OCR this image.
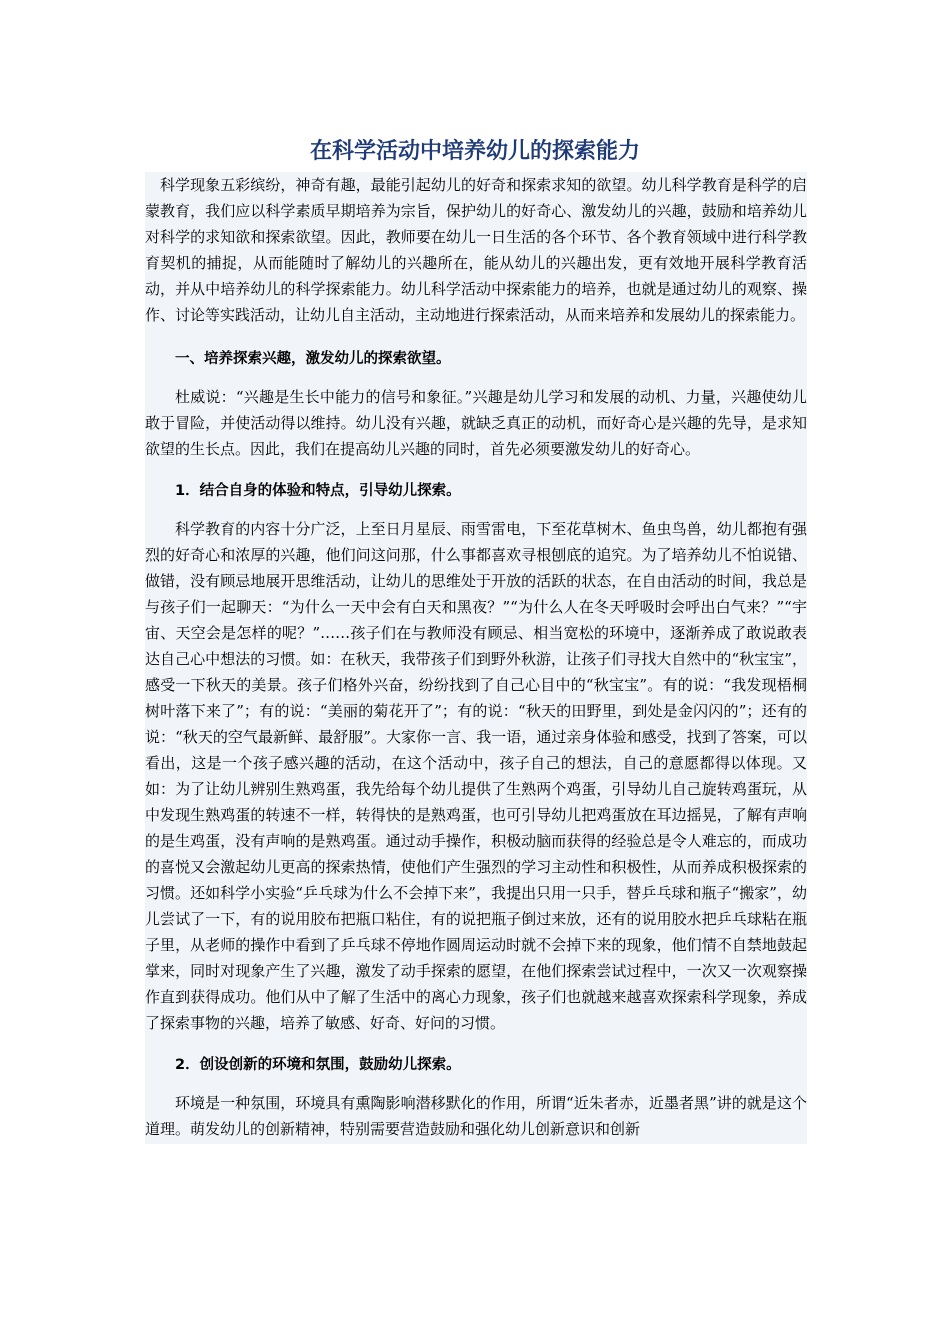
在科学活动中培养幼儿的探索能力

科学现象五彩缤纷，神奇有趣，最能引起幼儿的好奇和探索求知的欲望。幼儿科学教育是科学的启蒙教育，我们应以科学素质早期培养为宗旨，保护幼儿的好奇心、激发幼儿的兴趣，鼓励和培养幼儿对科学的求知欲和探索欲望。因此，教师要在幼儿一日生活的各个环节、各个教育领域中进行科学教育契机的捕捉，从而能随时了解幼儿的兴趣所在，能从幼儿的兴趣出发，更有效地开展科学教育活动，并从中培养幼儿的科学探索能力。幼儿科学活动中探索能力的培养，也就是通过幼儿的观察、操作、讨论等实践活动，让幼儿自主活动，主动地进行探索活动，从而来培养和发展幼儿的探索能力。

一、培养探索兴趣，激发幼儿的探索欲望。

杜威说：“兴趣是生长中能力的信号和象征。”兴趣是幼儿学习和发展的动机、力量，兴趣使幼儿敢于冒险，并使活动得以维持。幼儿没有兴趣，就缺乏真正的动机，而好奇心是兴趣的先导，是求知欲望的生长点。因此，我们在提高幼儿兴趣的同时，首先必须要激发幼儿的好奇心。

1．结合自身的体验和特点，引导幼儿探索。

科学教育的内容十分广泛，上至日月星辰、雨雪雷电，下至花草树木、鱼虫鸟兽，幼儿都抱有强烈的好奇心和浓厚的兴趣，他们问这问那，什么事都喜欢寻根刨底的追究。为了培养幼儿不怕说错、做错，没有顾忌地展开思维活动，让幼儿的思维处于开放的活跃的状态，在自由活动的时间，我总是与孩子们一起聊天：“为什么一天中会有白天和黑夜？”“为什么人在冬天呼吸时会呼出白气来？”“宇宙、天空会是怎样的呢？”……孩子们在与教师没有顾忌、相当宽松的环境中，逐渐养成了敢说敢表达自己心中想法的习惯。如：在秋天，我带孩子们到野外秋游，让孩子们寻找大自然中的“秋宝宝”，感受一下秋天的美景。孩子们格外兴奋，纷纷找到了自己心目中的“秋宝宝”。有的说：“我发现梧桐树叶落下来了”；有的说：“美丽的菊花开了”；有的说：“秋天的田野里，到处是金闪闪的”；还有的说：“秋天的空气最新鲜、最舒服”。大家你一言、我一语，通过亲身体验和感受，找到了答案，可以看出，这是一个孩子感兴趣的活动，在这个活动中，孩子自己的想法，自己的意愿都得以体现。又如：为了让幼儿辨别生熟鸡蛋，我先给每个幼儿提供了生熟两个鸡蛋，引导幼儿自己旋转鸡蛋玩，从中发现生熟鸡蛋的转速不一样，转得快的是熟鸡蛋，也可引导幼儿把鸡蛋放在耳边摇晃，了解有声响的是生鸡蛋，没有声响的是熟鸡蛋。通过动手操作，积极动脑而获得的经验总是令人难忘的，而成功的喜悦又会激起幼儿更高的探索热情，使他们产生强烈的学习主动性和积极性，从而养成积极探索的习惯。还如科学小实验“乒乓球为什么不会掉下来”，我提出只用一只手，替乒乓球和瓶子“搬家”，幼儿尝试了一下，有的说用胶布把瓶口粘住，有的说把瓶子倒过来放，还有的说用胶水把乒乓球粘在瓶子里，从老师的操作中看到了乒乓球不停地作圆周运动时就不会掉下来的现象，他们情不自禁地鼓起掌来，同时对现象产生了兴趣，激发了动手探索的愿望，在他们探索尝试过程中，一次又一次观察操作直到获得成功。他们从中了解了生活中的离心力现象，孩子们也就越来越喜欢探索科学现象，养成了探索事物的兴趣，培养了敏感、好奇、好问的习惯。

2．创设创新的环境和氛围，鼓励幼儿探索。

环境是一种氛围，环境具有熏陶影响潜移默化的作用，所谓“近朱者赤，近墨者黑”讲的就是这个道理。萌发幼儿的创新精神，特别需要营造鼓励和强化幼儿创新意识和创新
